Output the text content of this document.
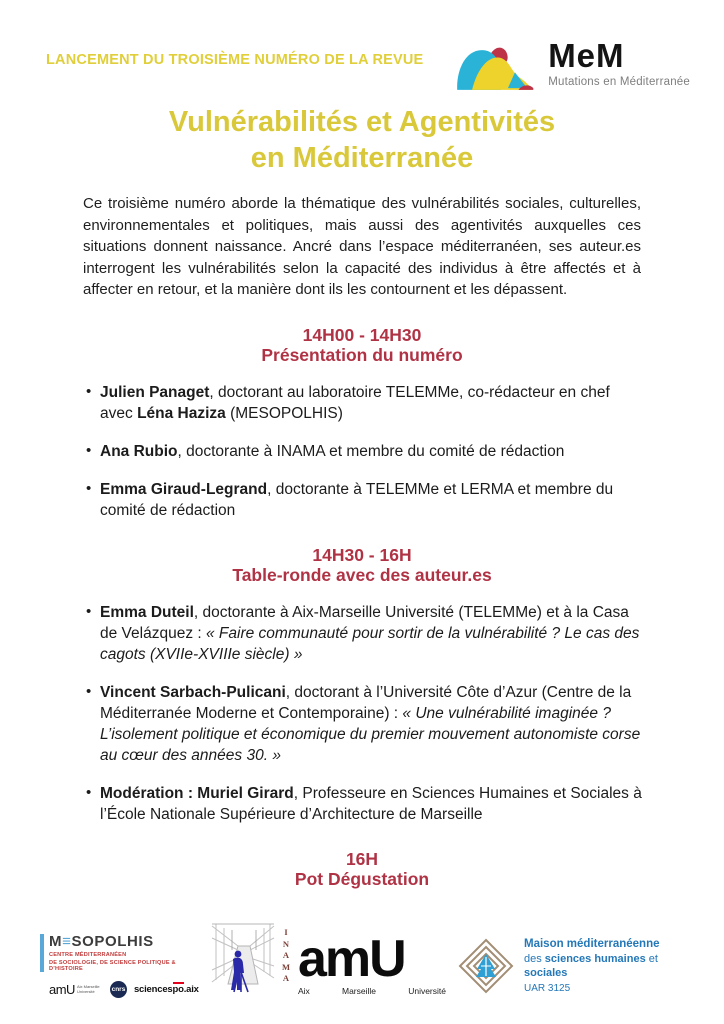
LANCEMENT DU TROISIÈME NUMÉRO DE LA REVUE	MeM
Mutations en Méditerranée
Vulnérabilités et Agentivités
en Méditerranée

Ce troisième numéro aborde la thématique des vulnérabilités sociales, culturelles, environnementales et politiques, mais aussi des agentivités auxquelles ces situations donnent naissance. Ancré dans l’espace méditerranéen, ses auteur.es interrogent les vulnérabilités selon la capacité des individus à être affectés et à affecter en retour, et la manière dont ils les contournent et les dépassent.

14H00 - 14H30
Présentation du numéro
• Julien Panaget, doctorant au laboratoire TELEMMe, co-rédacteur en chef avec Léna Haziza (MESOPOLHIS)
• Ana Rubio, doctorante à INAMA et membre du comité de rédaction
• Emma Giraud-Legrand, doctorante à TELEMMe et LERMA et membre du comité de rédaction
14H30 - 16H
Table-ronde avec des auteur.es
• Emma Duteil, doctorante à Aix-Marseille Université (TELEMMe) et à la Casa de Velázquez : « Faire communauté pour sortir de la vulnérabilité ? Le cas des cagots (XVIIe-XVIIIe siècle) »
• Vincent Sarbach-Pulicani, doctorant à l’Université Côte d’Azur (Centre de la Méditerranée Moderne et Contemporaine) : « Une vulnérabilité imaginée ? L’isolement politique et économique du premier mouvement autonomiste corse au cœur des années 30. »
• Modération : Muriel Girard, Professeure en Sciences Humaines et Sociales à l’École Nationale Supérieure d’Architecture de Marseille
16H
Pot Dégustation
M≡SOPOLHIS
CENTRE MÉDITERRANÉEN
DE SOCIOLOGIE, DE SCIENCE POLITIQUE & D’HISTOIRE
amU Aix Marseille Université	cnrs sciencespo.aix
I
N
A
M
A amU
Aix	Marseille	Université
Maison méditerranéenne
des sciences humaines et sociales
UAR 3125
